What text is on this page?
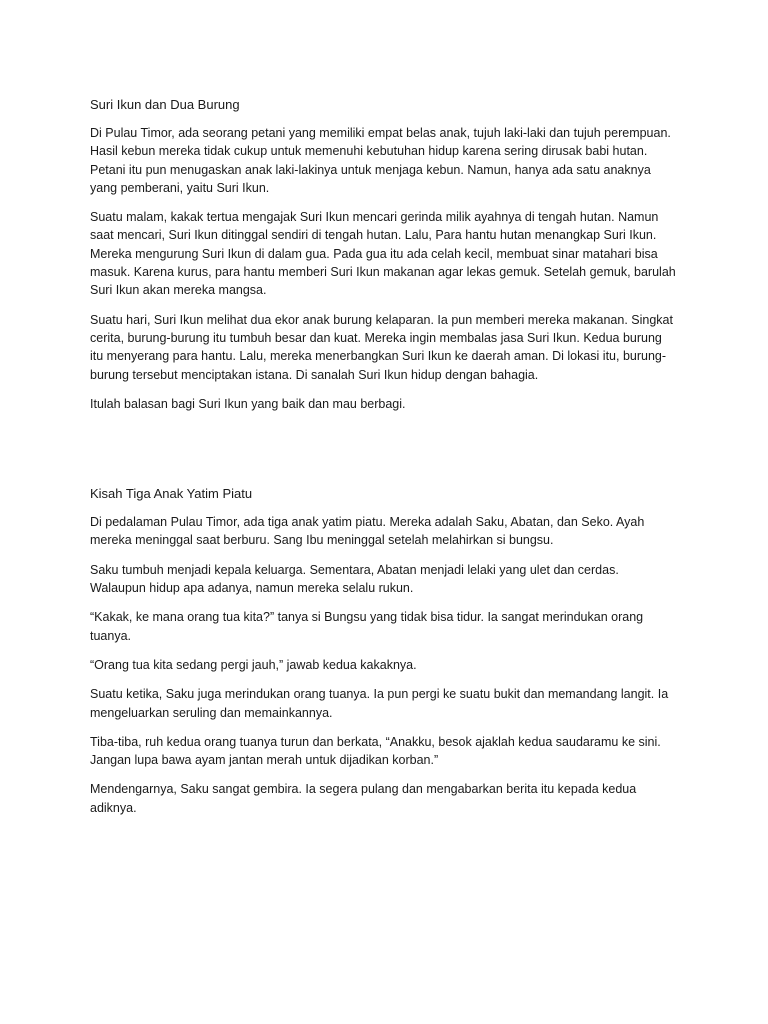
Suri Ikun dan Dua Burung

Di Pulau Timor, ada seorang petani yang memiliki empat belas anak, tujuh laki-laki dan tujuh perempuan. Hasil kebun mereka tidak cukup untuk memenuhi kebutuhan hidup karena sering dirusak babi hutan. Petani itu pun menugaskan anak laki-lakinya untuk menjaga kebun. Namun, hanya ada satu anaknya yang pemberani, yaitu Suri Ikun.

Suatu malam, kakak tertua mengajak Suri Ikun mencari gerinda milik ayahnya di tengah hutan. Namun saat mencari, Suri Ikun ditinggal sendiri di tengah hutan. Lalu, Para hantu hutan menangkap Suri Ikun. Mereka mengurung Suri Ikun di dalam gua. Pada gua itu ada celah kecil, membuat sinar matahari bisa masuk. Karena kurus, para hantu memberi Suri Ikun makanan agar lekas gemuk. Setelah gemuk, barulah Suri Ikun akan mereka mangsa.

Suatu hari, Suri Ikun melihat dua ekor anak burung kelaparan. Ia pun memberi mereka makanan. Singkat cerita, burung-burung itu tumbuh besar dan kuat. Mereka ingin membalas jasa Suri Ikun. Kedua burung itu menyerang para hantu. Lalu, mereka menerbangkan Suri Ikun ke daerah aman. Di lokasi itu, burung-burung tersebut menciptakan istana. Di sanalah Suri Ikun hidup dengan bahagia.

Itulah balasan bagi Suri Ikun yang baik dan mau berbagi.

Kisah Tiga Anak Yatim Piatu

Di pedalaman Pulau Timor, ada tiga anak yatim piatu. Mereka adalah Saku, Abatan, dan Seko. Ayah mereka meninggal saat berburu. Sang Ibu meninggal setelah melahirkan si bungsu.

Saku tumbuh menjadi kepala keluarga. Sementara, Abatan menjadi lelaki yang ulet dan cerdas. Walaupun hidup apa adanya, namun mereka selalu rukun.

“Kakak, ke mana orang tua kita?” tanya si Bungsu yang tidak bisa tidur. Ia sangat merindukan orang tuanya.

“Orang tua kita sedang pergi jauh,” jawab kedua kakaknya.

Suatu ketika, Saku juga merindukan orang tuanya. Ia pun pergi ke suatu bukit dan memandang langit. Ia mengeluarkan seruling dan memainkannya.

Tiba-tiba, ruh kedua orang tuanya turun dan berkata, “Anakku, besok ajaklah kedua saudaramu ke sini. Jangan lupa bawa ayam jantan merah untuk dijadikan korban.”

Mendengarnya, Saku sangat gembira. Ia segera pulang dan mengabarkan berita itu kepada kedua adiknya.
